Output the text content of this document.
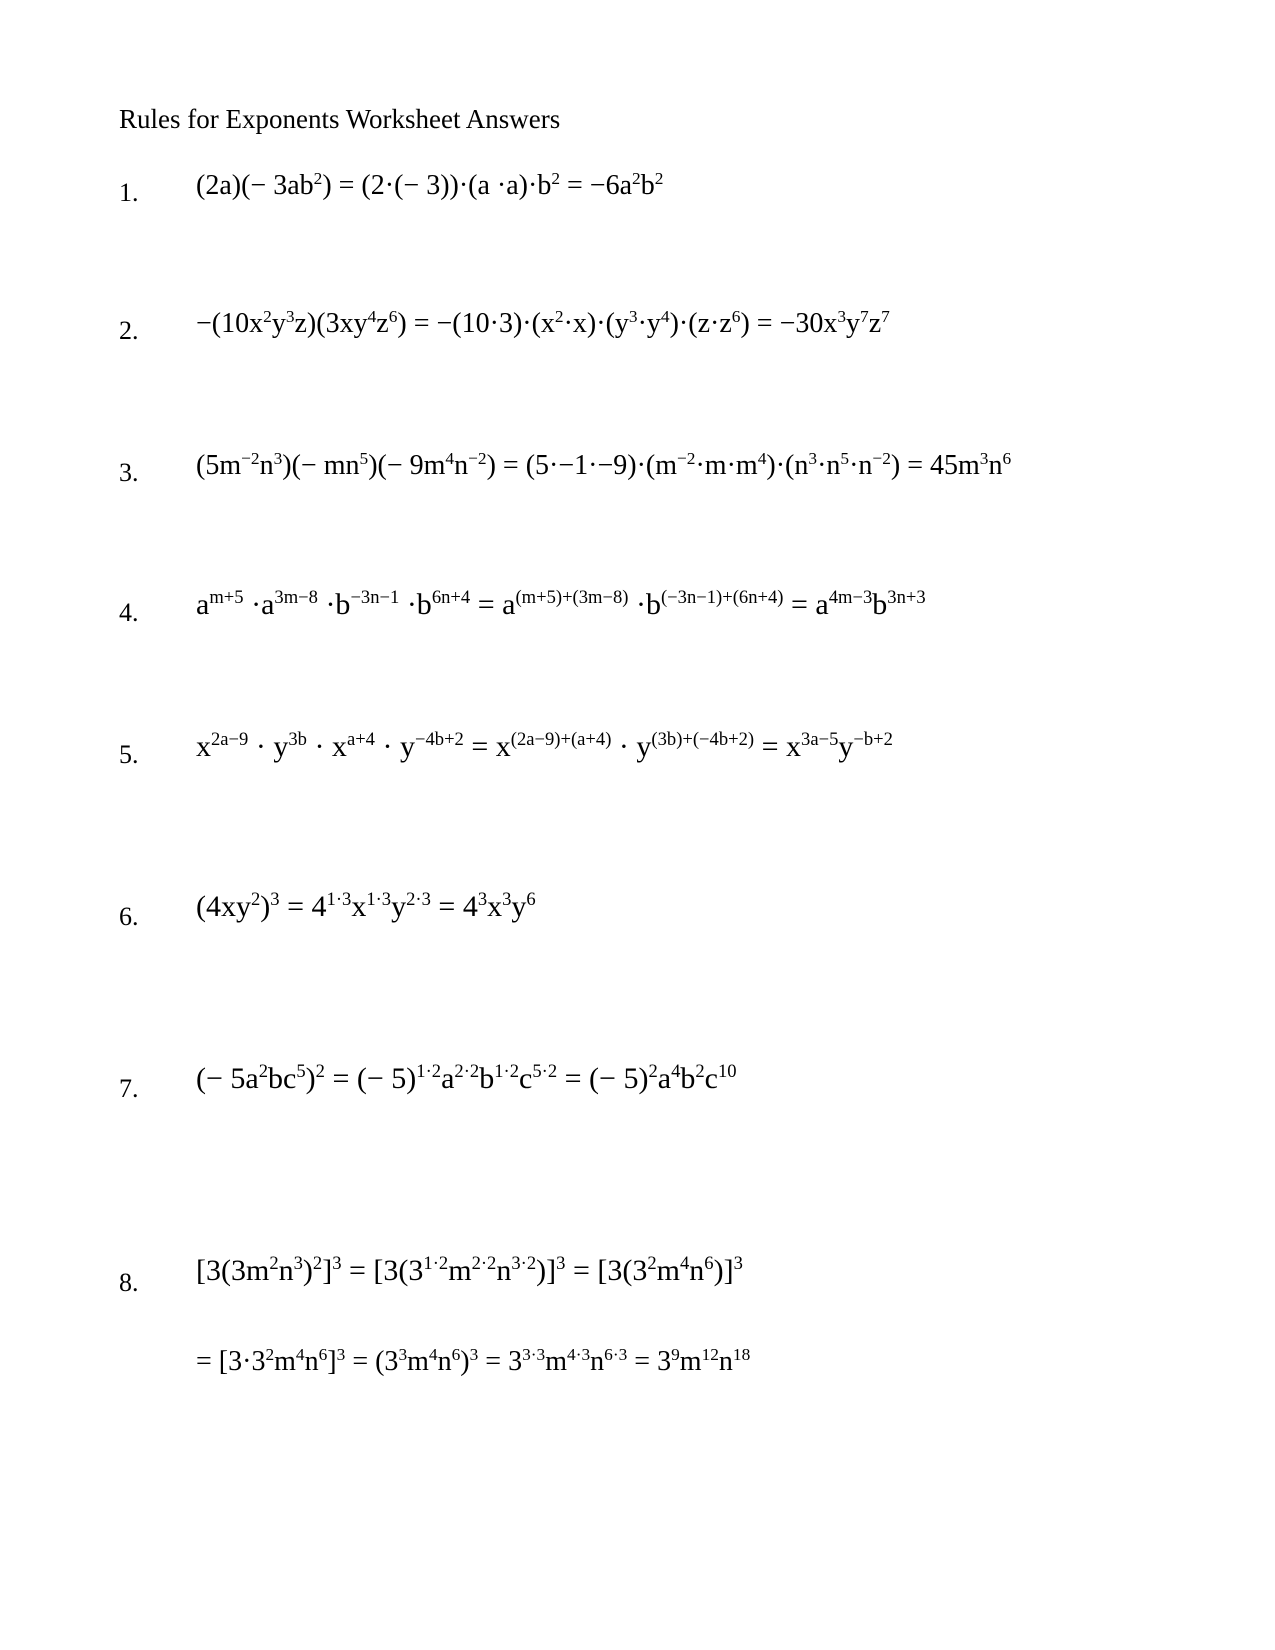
Rules for Exponents Worksheet Answers
1. $(2a)(- 3ab^2) = (2\cdot(- 3))\cdot(a \cdot a)\cdot b^2 = -6a^2b^2$
2. $-(10x^2y^3z)(3xy^4z^6) = -(10\cdot 3)\cdot(x^2\cdot x)\cdot(y^3\cdot y^4)\cdot(z\cdot z^6) = -30x^3y^7z^7$
3. $(5m^{-2}n^3)(- mn^5)(- 9m^4n^{-2}) = (5\cdot-1\cdot-9)\cdot(m^{-2}\cdot m\cdot m^4)\cdot(n^3\cdot n^5\cdot n^{-2}) = 45m^3n^6$
4. $a^{m+5} \cdot a^{3m-8} \cdot b^{-3n-1} \cdot b^{6n+4} = a^{(m+5)+(3m-8)} \cdot b^{(-3n-1)+(6n+4)} = a^{4m-3}b^{3n+3}$
5. $x^{2a-9} \cdot y^{3b} \cdot x^{a+4} \cdot y^{-4b+2} = x^{(2a-9)+(a+4)} \cdot y^{(3b)+(-4b+2)} = x^{3a-5}y^{-b+2}$
6. $(4xy^2)^3 = 4^{1\cdot 3}x^{1\cdot 3}y^{2\cdot 3} = 4^3x^3y^6$
7. (− $5a^2bc^5)^2$ = (− $5)^{1\cdot 2}a^{2\cdot 2}b^{1\cdot 2}c^{5\cdot 2}$ = (− $5)^2a^4b^2c^{10}$
8. $[3(3m^2n^3)^2]^3 = [3(3^{1\cdot 2}m^{2\cdot 2}n^{3\cdot 2})]^3 = [3(3^2m^4n^6)]^3$
= $[3\cdot 3^2m^4n^6]^3 = (3^3m^4n^6)^3 = 3^{3\cdot 3}m^{4\cdot 3}n^{6\cdot 3} = 3^9m^{12}n^{18}$
